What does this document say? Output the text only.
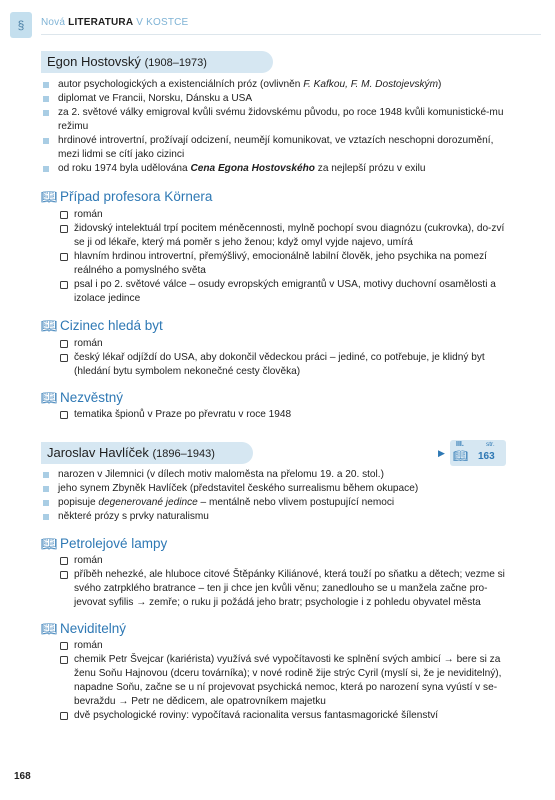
§	Nová LITERATURA V KOSTCE
Egon Hostovský (1908–1973)
autor psychologických a existenciálních próz (ovlivněn F. Kafkou, F. M. Dostojevským)
diplomat ve Francii, Norsku, Dánsku a USA
za 2. světové války emigroval kvůli svému židovskému původu, po roce 1948 kvůli komunistické-mu režimu
hrdinové introvertní, prožívají odcizení, neumějí komunikovat, ve vztazích neschopni dorozumění, mezi lidmi se cítí jako cizinci
od roku 1974 byla udělována Cena Egona Hostovského za nejlepší prózu v exilu
📖︎ Případ profesora Körnera
román
židovský intelektuál trpí pocitem méněcennosti, mylně pochopí svou diagnózu (cukrovka), do-zví se ji od lékaře, který má poměr s jeho ženou; když omyl vyjde najevo, umírá
hlavním hrdinou introvertní, přemýšlivý, emocionálně labilní člověk, jeho psychika na pomezí reálného a pomyslného světa
psal i po 2. světové válce – osudy evropských emigrantů v USA, motivy duchovní osamělosti a izolace jedince
📖︎ Cizinec hledá byt
román
český lékař odjíždí do USA, aby dokončil vědeckou práci – jediné, co potřebuje, je klidný byt (hledání bytu symbolem nekonečné cesty člověka)
📖︎ Nezvěstný
tematika špionů v Praze po převratu v roce 1948
Jaroslav Havlíček (1896–1943)	▶
III.
📖︎
str.
163
narozen v Jilemnici (v dílech motiv maloměsta na přelomu 19. a 20. stol.)
jeho synem Zbyněk Havlíček (představitel českého surrealismu během okupace)
popisuje degenerované jedince – mentálně nebo vlivem postupující nemoci
některé prózy s prvky naturalismu
📖︎ Petrolejové lampy
román
příběh nehezké, ale hluboce citové Štěpánky Kiliánové, která touží po sňatku a dětech; vezme si svého zatrpklého bratrance – ten ji chce jen kvůli věnu; zanedlouho se u manžela začne pro-jevovat syfilis → zemře; o ruku ji požádá jeho bratr; psychologie i z pohledu obyvatel města
📖︎ Neviditelný
román
chemik Petr Švejcar (kariérista) využívá své vypočítavosti ke splnění svých ambicí → bere si za ženu Soňu Hajnovou (dceru továrníka); v nové rodině žije strýc Cyril (myslí si, že je neviditelný), napadne Soňu, začne se u ní projevovat psychická nemoc, která po narození syna vyústí v se-bevraždu → Petr ne dědicem, ale opatrovníkem majetku
dvě psychologické roviny: vypočítavá racionalita versus fantasmagorické šílenství
168
